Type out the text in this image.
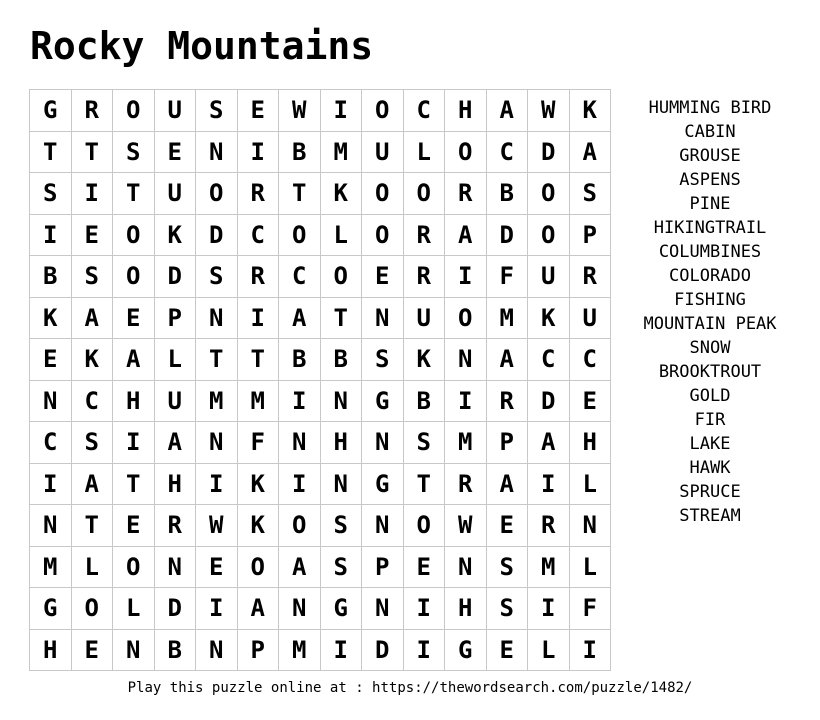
Rocky Mountains
G	R	O	U	S	E	W	I	O	C	H	A	W	K
T	T	S	E	N	I	B	M	U	L	O	C	D	A
S	I	T	U	O	R	T	K	O	O	R	B	O	S
I	E	O	K	D	C	O	L	O	R	A	D	O	P
B	S	O	D	S	R	C	O	E	R	I	F	U	R
K	A	E	P	N	I	A	T	N	U	O	M	K	U
E	K	A	L	T	T	B	B	S	K	N	A	C	C
N	C	H	U	M	M	I	N	G	B	I	R	D	E
C	S	I	A	N	F	N	H	N	S	M	P	A	H
I	A	T	H	I	K	I	N	G	T	R	A	I	L
N	T	E	R	W	K	O	S	N	O	W	E	R	N
M	L	O	N	E	O	A	S	P	E	N	S	M	L
G	O	L	D	I	A	N	G	N	I	H	S	I	F
H	E	N	B	N	P	M	I	D	I	G	E	L	I
HUMMING BIRD
CABIN
GROUSE
ASPENS
PINE
HIKINGTRAIL
COLUMBINES
COLORADO
FISHING
MOUNTAIN PEAK
SNOW
BROOKTROUT
GOLD
FIR
LAKE
HAWK
SPRUCE
STREAM
Play this puzzle online at : https://thewordsearch.com/puzzle/1482/
